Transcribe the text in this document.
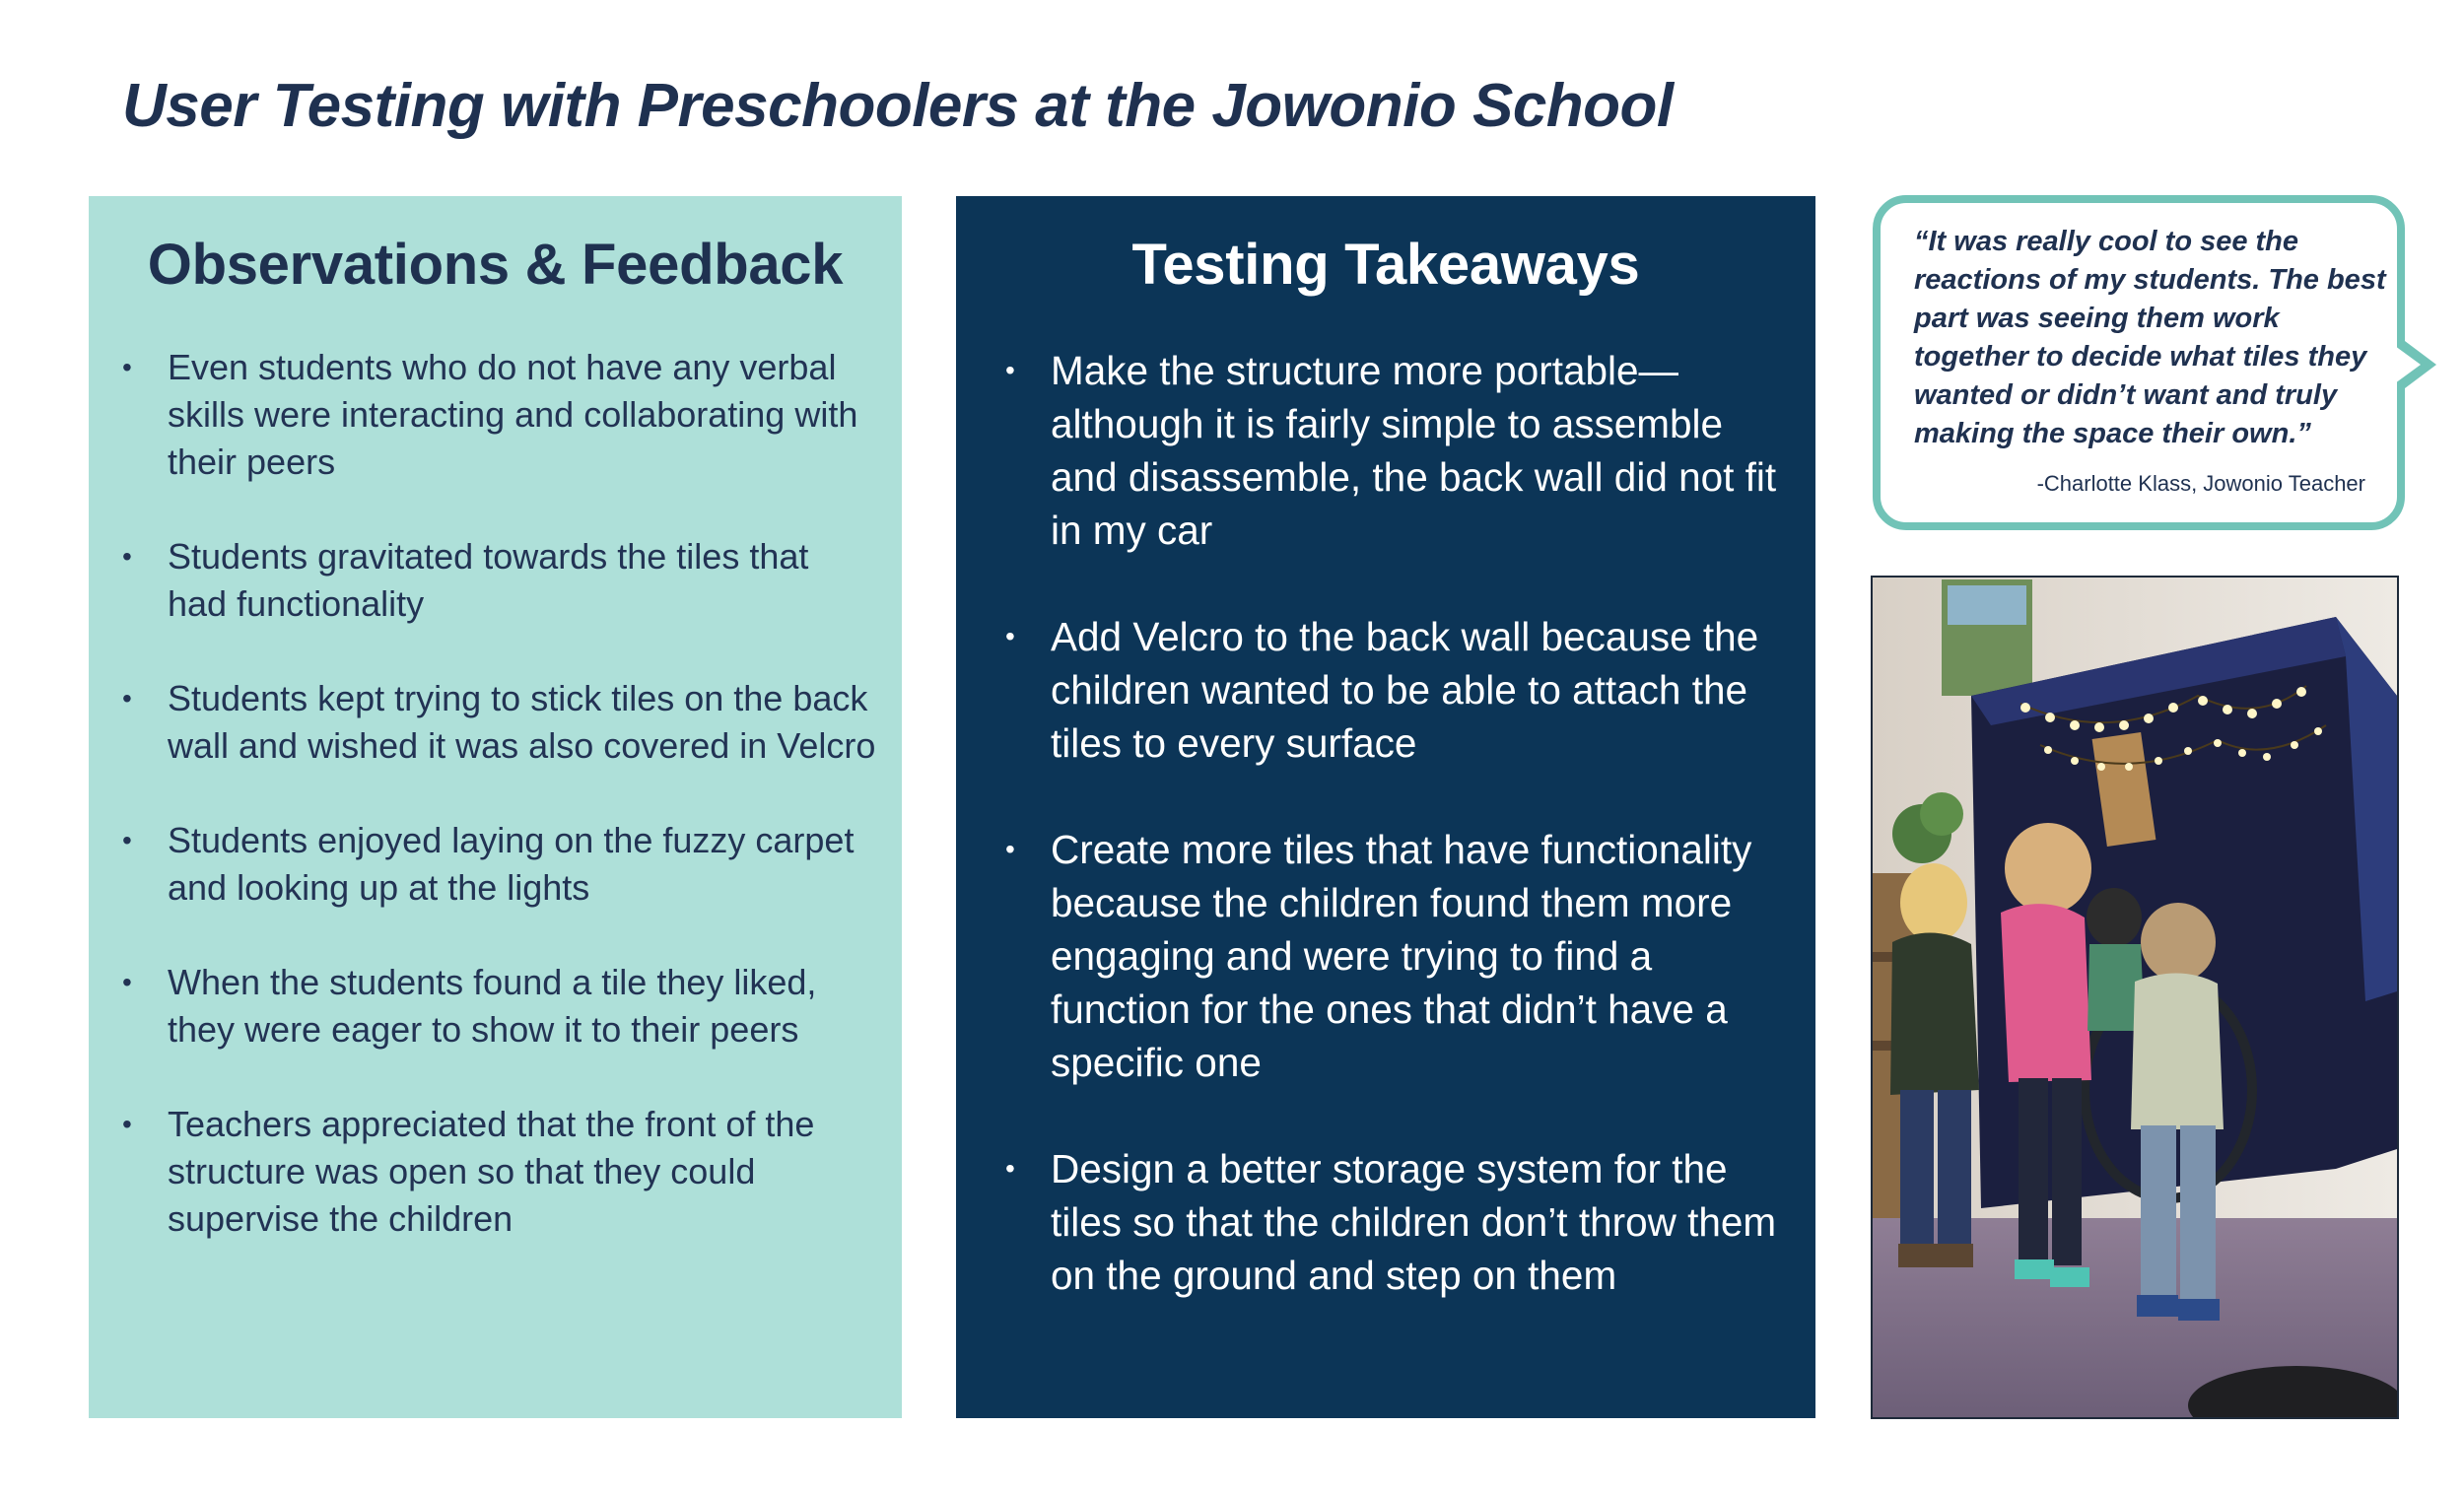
User Testing with Preschoolers at the Jowonio School
Observations & Feedback
• Even students who do not have any verbal skills were interacting and collaborating with their peers
• Students gravitated towards the tiles that had functionality
• Students kept trying to stick tiles on the back wall and wished it was also covered in Velcro
• Students enjoyed laying on the fuzzy carpet and looking up at the lights
• When the students found a tile they liked, they were eager to show it to their peers
• Teachers appreciated that the front of the structure was open so that they could supervise the children
Testing Takeaways
• Make the structure more portable—although it is fairly simple to assemble and disassemble, the back wall did not fit in my car
• Add Velcro to the back wall because the children wanted to be able to attach the tiles to every surface
• Create more tiles that have functionality because the children found them more engaging and were trying to find a function for the ones that didn’t have a specific one
• Design a better storage system for the tiles so that the children don’t throw them on the ground and step on them
“It was really cool to see the reactions of my students. The best part was seeing them work together to decide what tiles they wanted or didn’t want and truly making the space their own.”
-Charlotte Klass, Jowonio Teacher
